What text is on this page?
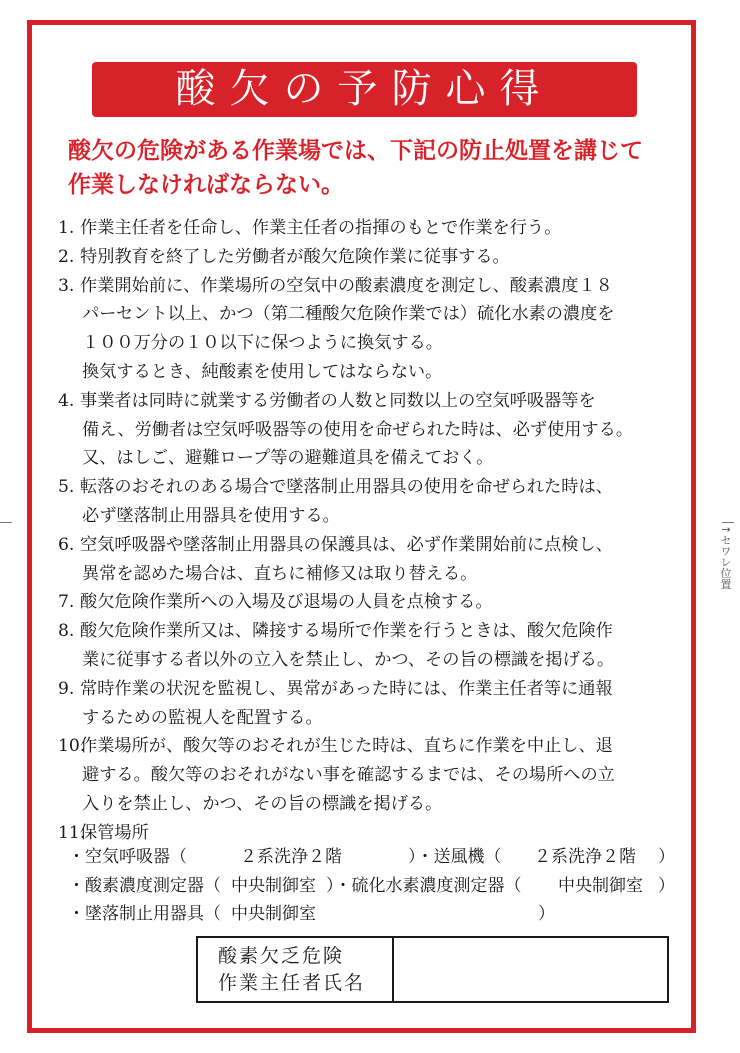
酸欠の予防心得
酸欠の危険がある作業場では、下記の防止処置を講じて
作業しなければならない。
1. 作業主任者を任命し、作業主任者の指揮のもとで作業を行う。
2. 特別教育を終了した労働者が酸欠危険作業に従事する。
3. 作業開始前に、作業場所の空気中の酸素濃度を測定し、酸素濃度１８
パーセント以上、かつ（第二種酸欠危険作業では）硫化水素の濃度を
１００万分の１０以下に保つように換気する。
換気するとき、純酸素を使用してはならない。
4. 事業者は同時に就業する労働者の人数と同数以上の空気呼吸器等を
備え、労働者は空気呼吸器等の使用を命ぜられた時は、必ず使用する。
又、はしご、避難ロープ等の避難道具を備えておく。
5. 転落のおそれのある場合で墜落制止用器具の使用を命ぜられた時は、
必ず墜落制止用器具を使用する。
6. 空気呼吸器や墜落制止用器具の保護具は、必ず作業開始前に点検し、
異常を認めた場合は、直ちに補修又は取り替える。
7. 酸欠危険作業所への入場及び退場の人員を点検する。
8. 酸欠危険作業所又は、隣接する場所で作業を行うときは、酸欠危険作
業に従事する者以外の立入を禁止し、かつ、その旨の標識を掲げる。
9. 常時作業の状況を監視し、異常があった時には、作業主任者等に通報
するための監視人を配置する。
10.作業場所が、酸欠等のおそれが生じた時は、直ちに作業を中止し、退
避する。酸欠等のおそれがない事を確認するまでは、その場所への立
入りを禁止し、かつ、その旨の標識を掲げる。
11.保管場所
・空気呼吸器（	２系洗浄２階	）・送風機（ ２系洗浄２階 ）
・酸素濃度測定器（ 中央制御室 ）・硫化水素濃度測定器（ 中央制御室 ）
・墜落制止用器具（ 中央制御室	）
酸素欠乏危険
作業主任者氏名
↑セワレ位置
